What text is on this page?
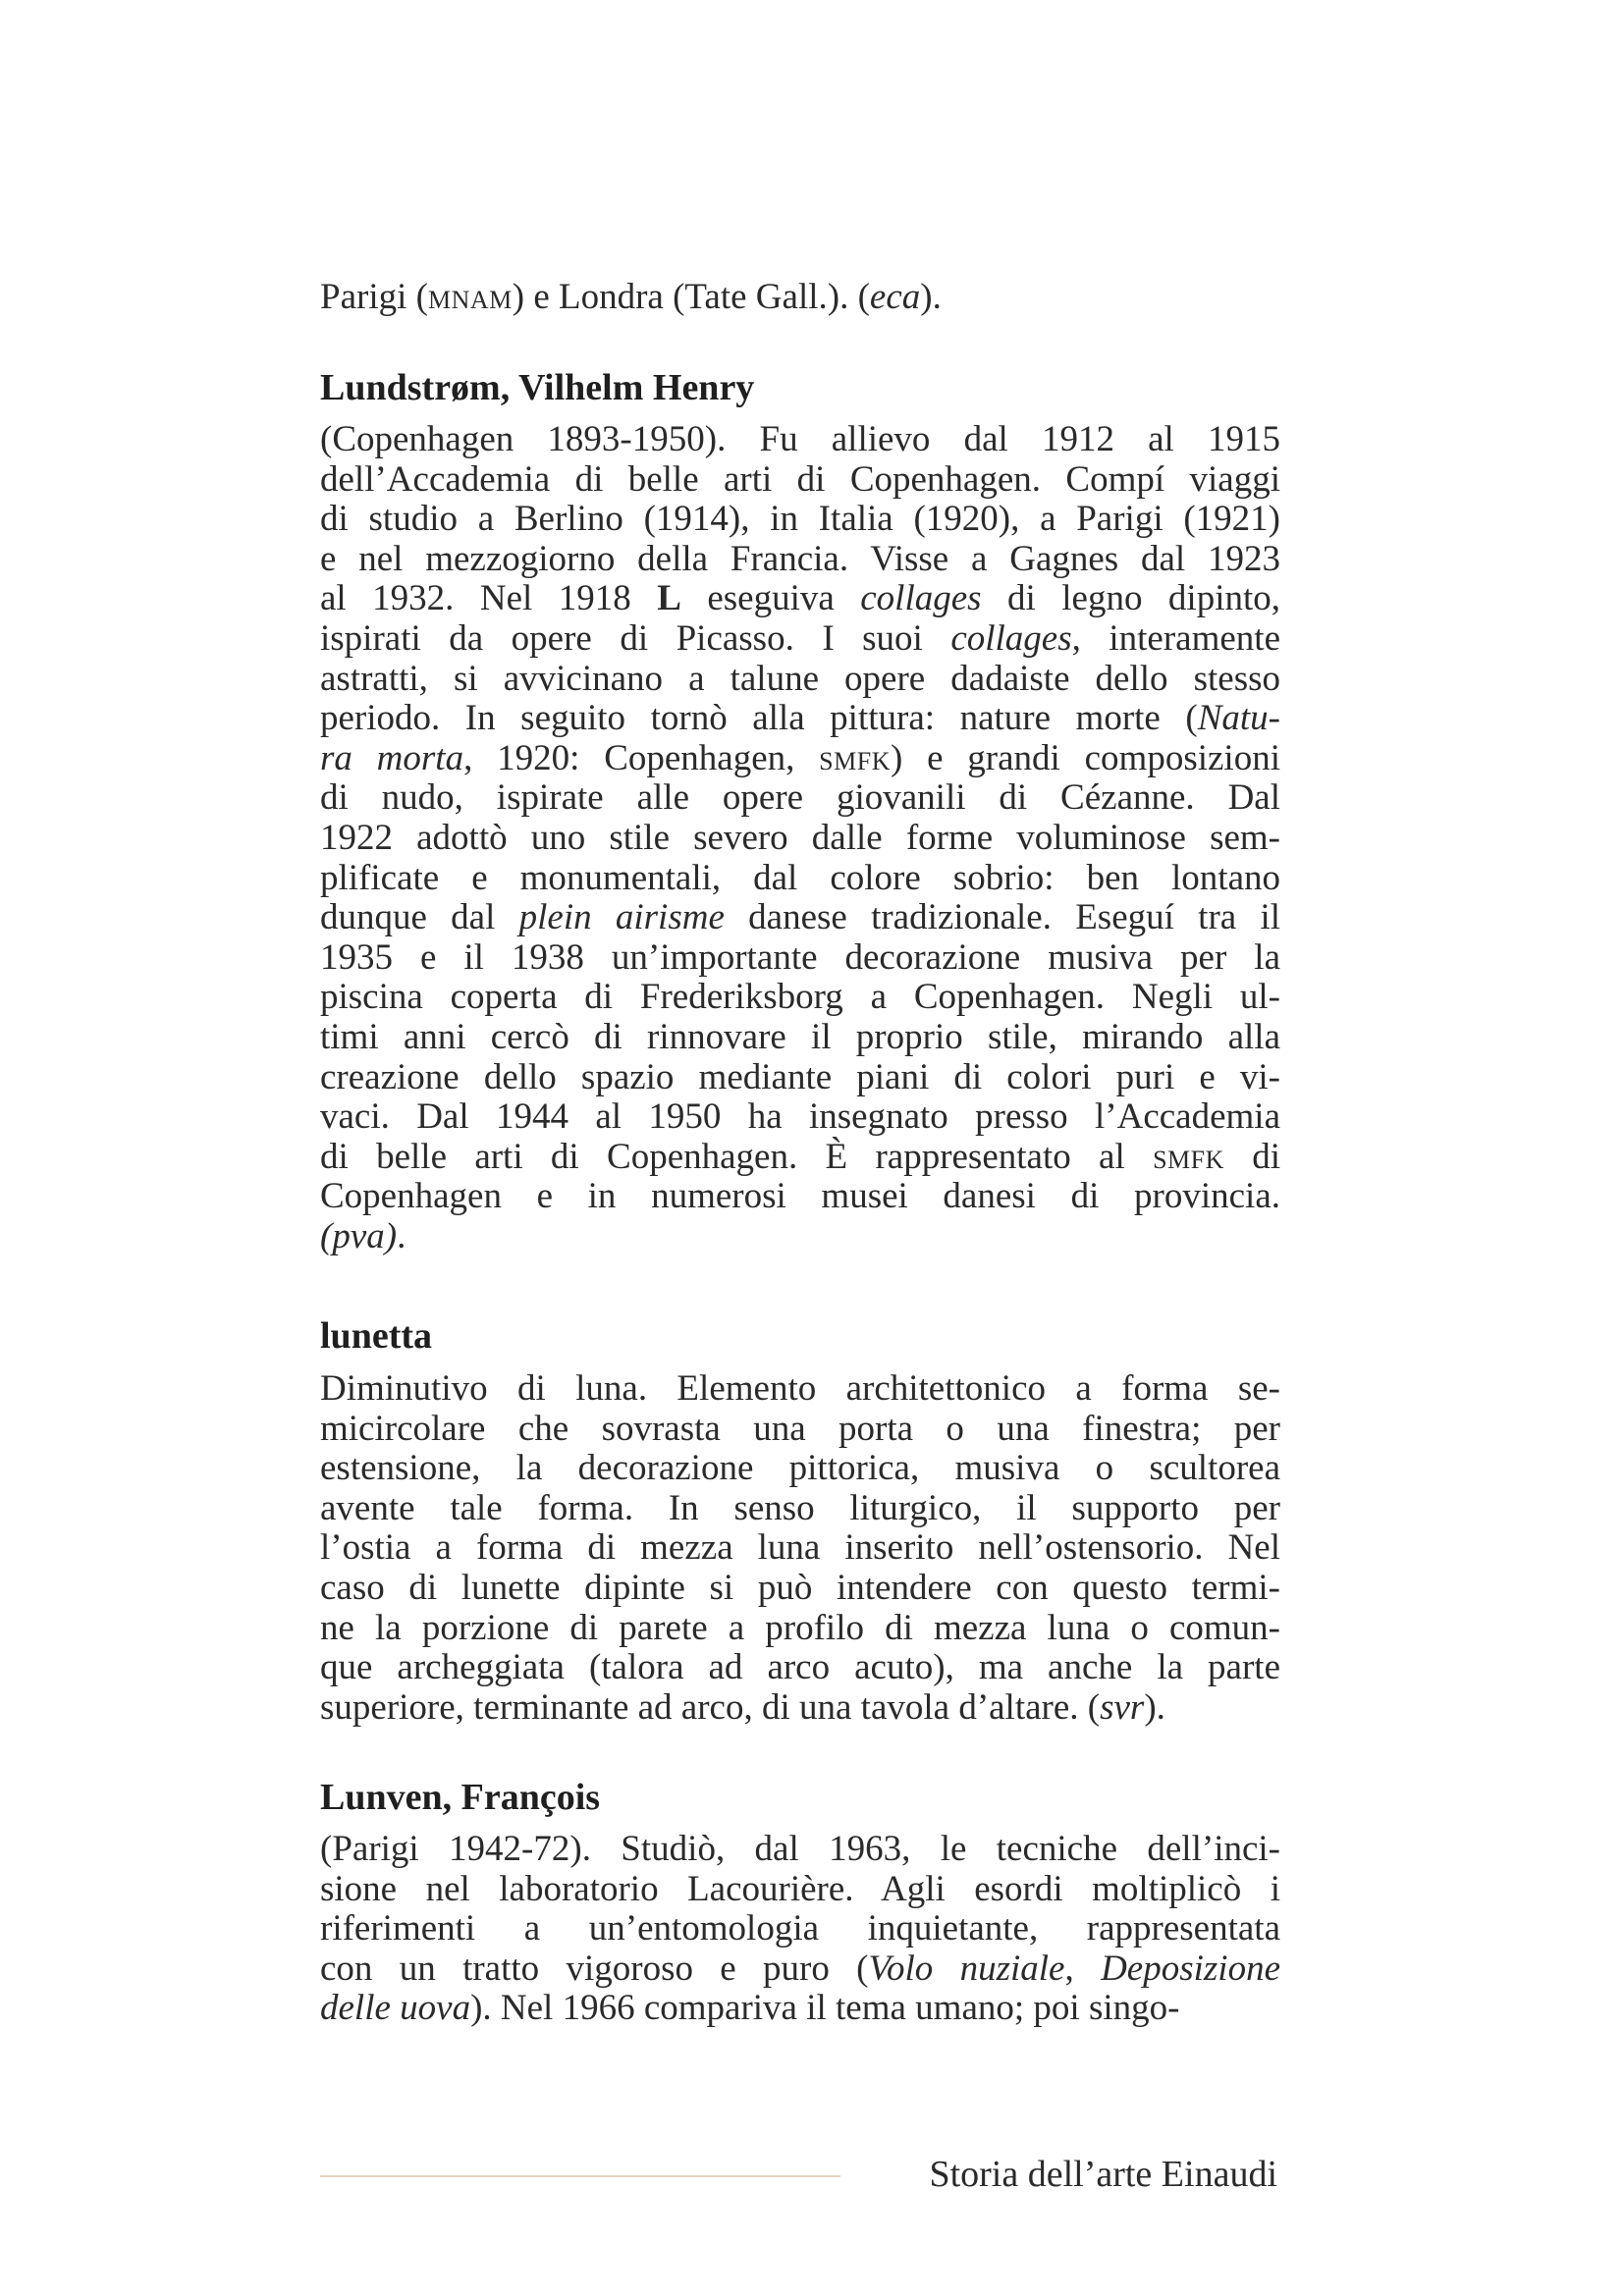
Parigi (mnam) e Londra (Tate Gall.). (eca).
Lundstrøm, Vilhelm Henry
(Copenhagen 1893-1950). Fu allievo dal 1912 al 1915
dell’Accademia di belle arti di Copenhagen. Compí viaggi
di studio a Berlino (1914), in Italia (1920), a Parigi (1921)
e nel mezzogiorno della Francia. Visse a Gagnes dal 1923
al 1932. Nel 1918 L eseguiva collages di legno dipinto,
ispirati da opere di Picasso. I suoi collages, interamente
astratti, si avvicinano a talune opere dadaiste dello stesso
periodo. In seguito tornò alla pittura: nature morte (Natu-
ra morta, 1920: Copenhagen, smfk) e grandi composizioni
di nudo, ispirate alle opere giovanili di Cézanne. Dal
1922 adottò uno stile severo dalle forme voluminose sem-
plificate e monumentali, dal colore sobrio: ben lontano
dunque dal plein airisme danese tradizionale. Eseguí tra il
1935 e il 1938 un’importante decorazione musiva per la
piscina coperta di Frederiksborg a Copenhagen. Negli ul-
timi anni cercò di rinnovare il proprio stile, mirando alla
creazione dello spazio mediante piani di colori puri e vi-
vaci. Dal 1944 al 1950 ha insegnato presso l’Accademia
di belle arti di Copenhagen. È rappresentato al smfk di
Copenhagen e in numerosi musei danesi di provincia.
(pva).
lunetta
Diminutivo di luna. Elemento architettonico a forma se-
micircolare che sovrasta una porta o una finestra; per
estensione, la decorazione pittorica, musiva o scultorea
avente tale forma. In senso liturgico, il supporto per
l’ostia a forma di mezza luna inserito nell’ostensorio. Nel
caso di lunette dipinte si può intendere con questo termi-
ne la porzione di parete a profilo di mezza luna o comun-
que archeggiata (talora ad arco acuto), ma anche la parte
superiore, terminante ad arco, di una tavola d’altare. (svr).
Lunven, François
(Parigi 1942-72). Studiò, dal 1963, le tecniche dell’inci-
sione nel laboratorio Lacourière. Agli esordi moltiplicò i
riferimenti a un’entomologia inquietante, rappresentata
con un tratto vigoroso e puro (Volo nuziale, Deposizione
delle uova). Nel 1966 compariva il tema umano; poi singo-
Storia dell’arte Einaudi
